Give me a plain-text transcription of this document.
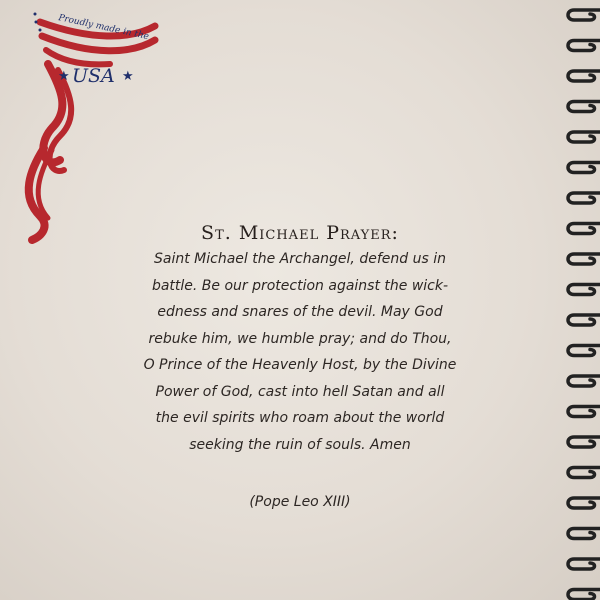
Proudly made in the
USA
★	★
St. Michael Prayer:
Saint Michael the Archangel, defend us in
battle. Be our protection against the wick-
edness and snares of the devil. May God
rebuke him, we humble pray; and do Thou,
O Prince of the Heavenly Host, by the Divine
Power of God, cast into hell Satan and all
the evil spirits who roam about the world
seeking the ruin of souls. Amen
(Pope Leo XIII)
